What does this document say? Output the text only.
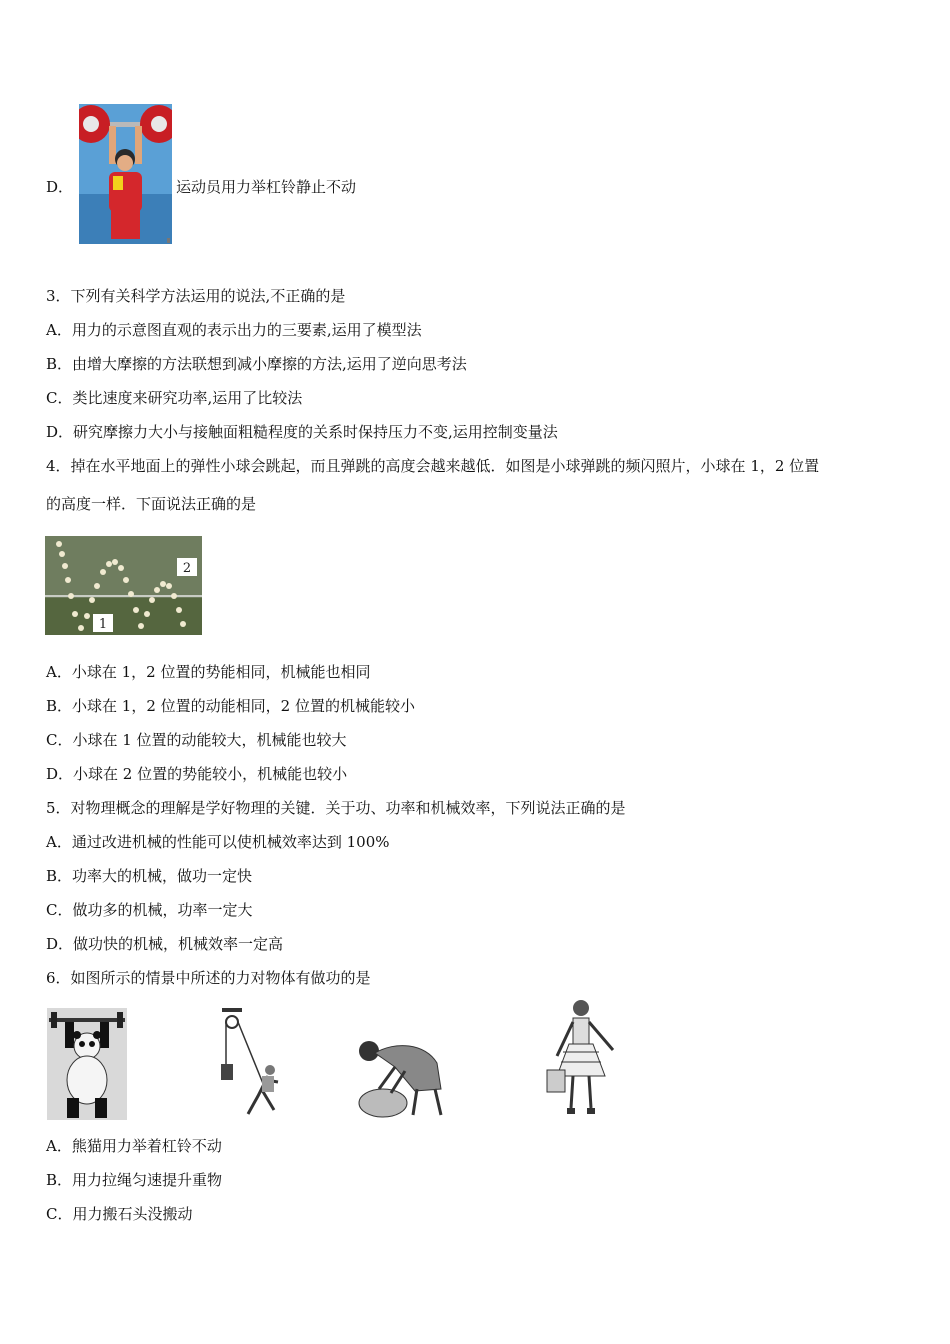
D．	运动员用力举杠铃静止不动
3．下列有关科学方法运用的说法,不正确的是
A．用力的示意图直观的表示出力的三要素,运用了模型法
B．由增大摩擦的方法联想到减小摩擦的方法,运用了逆向思考法
C．类比速度来研究功率,运用了比较法
D．研究摩擦力大小与接触面粗糙程度的关系时保持压力不变,运用控制变量法
4．掉在水平地面上的弹性小球会跳起，而且弹跳的高度会越来越低．如图是小球弹跳的频闪照片，小球在 1，2 位置
的高度一样．下面说法正确的是
1
2
A．小球在 1，2 位置的势能相同，机械能也相同
B．小球在 1，2 位置的动能相同，2 位置的机械能较小
C．小球在 1 位置的动能较大，机械能也较大
D．小球在 2 位置的势能较小，机械能也较小
5．对物理概念的理解是学好物理的关键．关于功、功率和机械效率，下列说法正确的是
A．通过改进机械的性能可以使机械效率达到 100%
B．功率大的机械，做功一定快
C．做功多的机械，功率一定大
D．做功快的机械，机械效率一定高
6．如图所示的情景中所述的力对物体有做功的是
A．熊猫用力举着杠铃不动
B．用力拉绳匀速提升重物
C．用力搬石头没搬动
